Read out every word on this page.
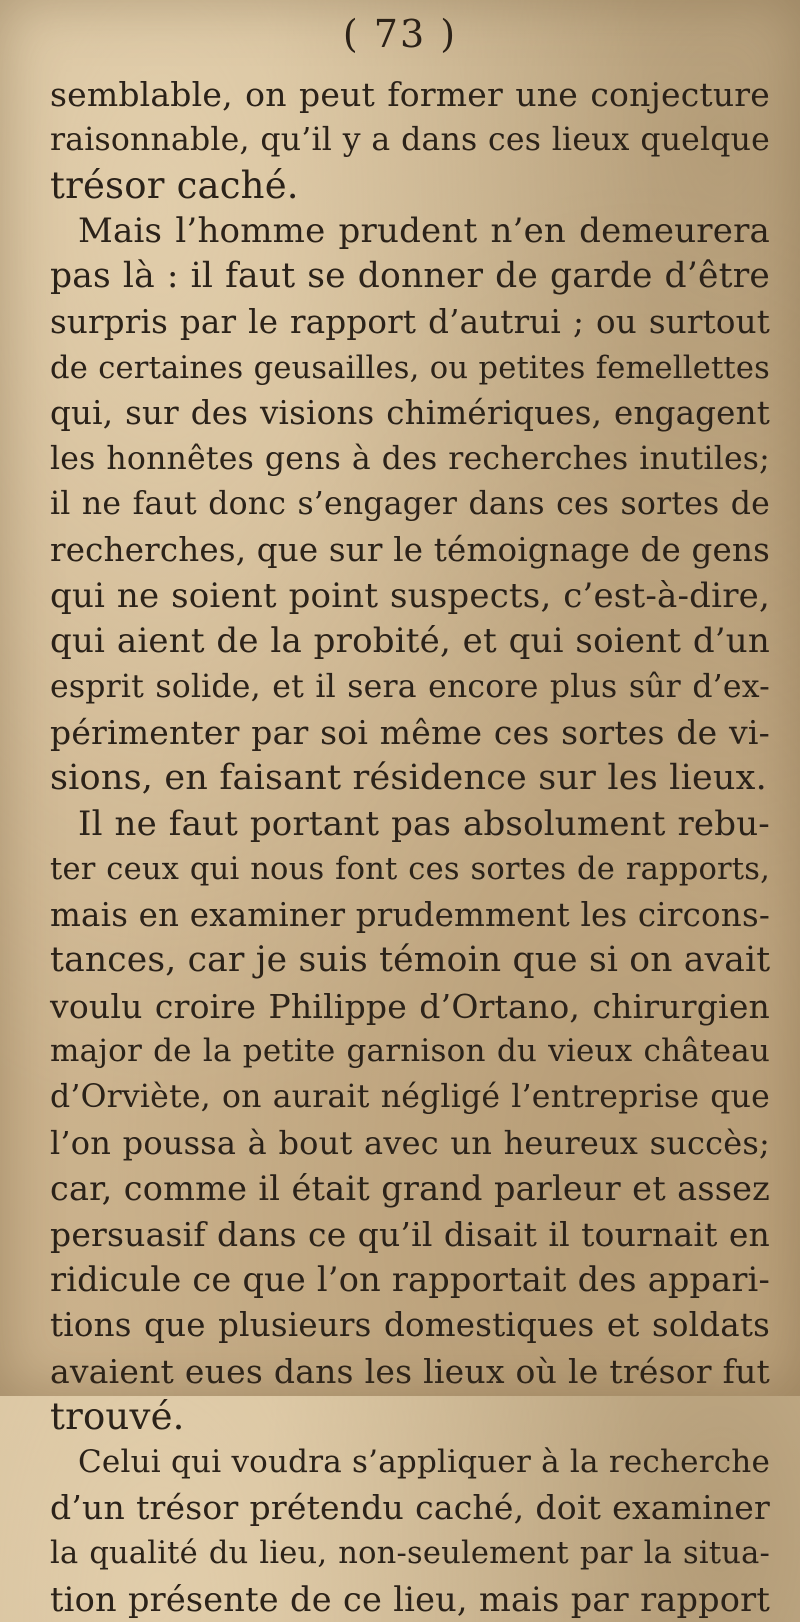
( 73 )
semblable, on peut former une conjecture
raisonnable, qu’il y a dans ces lieux quelque
trésor caché.
Mais l’homme prudent n’en demeurera
pas là : il faut se donner de garde d’être
surpris par le rapport d’autrui ; ou surtout
de certaines geusailles, ou petites femellettes
qui, sur des visions chimériques, engagent
les honnêtes gens à des recherches inutiles;
il ne faut donc s’engager dans ces sortes de
recherches, que sur le témoignage de gens
qui ne soient point suspects, c’est-à-dire,
qui aient de la probité, et qui soient d’un
esprit solide, et il sera encore plus sûr d’ex-
périmenter par soi même ces sortes de vi-
sions, en faisant résidence sur les lieux.
Il ne faut portant pas absolument rebu-
ter ceux qui nous font ces sortes de rapports,
mais en examiner prudemment les circons-
tances, car je suis témoin que si on avait
voulu croire Philippe d’Ortano, chirurgien
major de la petite garnison du vieux château
d’Orviète, on aurait négligé l’entreprise que
l’on poussa à bout avec un heureux succès;
car, comme il était grand parleur et assez
persuasif dans ce qu’il disait il tournait en
ridicule ce que l’on rapportait des appari-
tions que plusieurs domestiques et soldats
avaient eues dans les lieux où le trésor fut
trouvé.
Celui qui voudra s’appliquer à la recherche
d’un trésor prétendu caché, doit examiner
la qualité du lieu, non-seulement par la situa-
tion présente de ce lieu, mais par rapport
